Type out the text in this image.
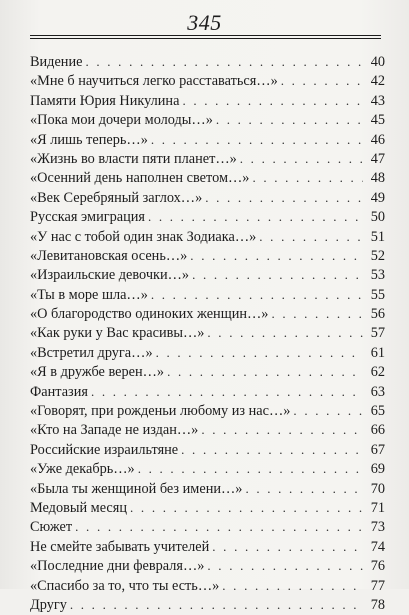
345
Видение . . .	40
«Мне б научиться легко расставаться…» . . .	42
Памяти Юрия Никулина . . .	43
«Пока мои дочери молоды…» . . .	45
«Я лишь теперь…» . . .	46
«Жизнь во власти пяти планет…» . . .	47
«Осенний день наполнен светом…» . . .	48
«Век Серебряный заглох…» . . .	49
Русская эмиграция . . .	50
«У нас с тобой один знак Зодиака…» . . .	51
«Левитановская осень…» . . .	52
«Израильские девочки…» . . .	53
«Ты в море шла…» . . .	55
«О благородство одиноких женщин…» . . .	56
«Как руки у Вас красивы…» . . .	57
«Встретил друга…» . . .	61
«Я в дружбе верен…» . . .	62
Фантазия . . .	63
«Говорят, при рожденьи любому из нас…» . . .	65
«Кто на Западе не издан…» . . .	66
Российские израильтяне . . .	67
«Уже декабрь…» . . .	69
«Была ты женщиной без имени…» . . .	70
Медовый месяц . . .	71
Сюжет . . .	73
Не смейте забывать учителей . . .	74
«Последние дни февраля…» . . .	76
«Спасибо за то, что ты есть…» . . .	77
Другу . . .	78
